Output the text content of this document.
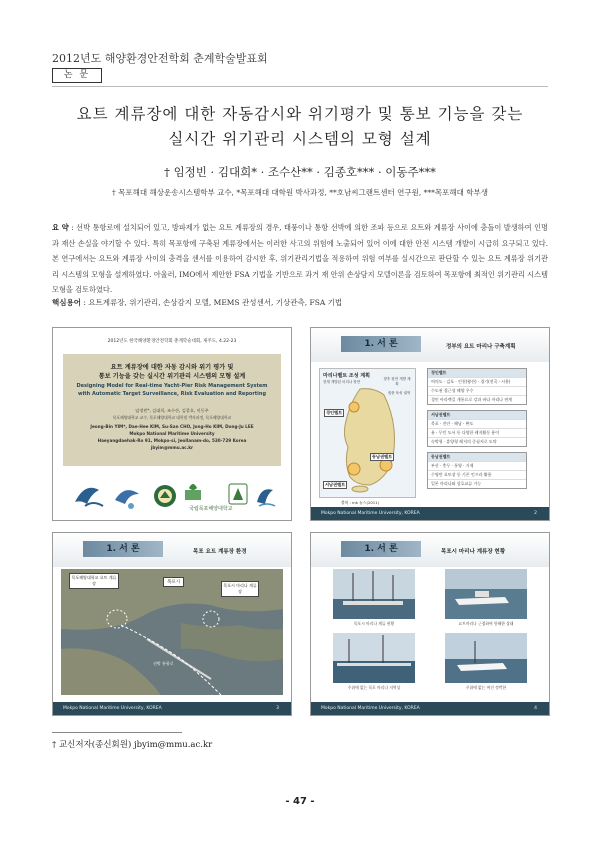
2012년도 해양환경안전학회 춘계학술발표회
논 문
요트 계류장에 대한 자동감시와 위기평가 및 통보 기능을 갖는
실시간 위기관리 시스템의 모형 설계
† 임정빈 · 김대희* · 조수산** · 김종호*** · 이동주***
† 목포해대 해상운송시스템학부 교수, *목포해대 대학원 박사과정, **호남씨그랜트센터 연구원, ***목포해대 학부생
요 약 : 선박 통항로에 설치되어 있고, 방파제가 없는 요트 계류장의 경우, 태풍이나 통항 선박에 의한 조파 등으로 요트와 계류장 사이에 충돌이 발생하여 인명과 재산 손실을 야기할 수 있다. 특히 목포항에 구축된 계류장에서는 이러한 사고의 위험에 노출되어 있어 이에 대한 안전 시스템 개발이 시급히 요구되고 있다. 본 연구에서는 요트와 계류장 사이의 충격을 센서를 이용하여 감시한 후, 위기관리기법을 적용하여 위험 여부를 실시간으로 판단할 수 있는 요트 계류장 위기관리 시스템의 모형을 설계하였다. 아울러, IMO에서 제안한 FSA 기법을 기반으로 과거 재 안위 손상담지 모델이론을 검토하여 목포항에 최적인 위기관리 시스템 모형을 검토하였다.
핵심용어 : 요트계류장, 위기관리, 손상감지 모델, MEMS 관성센서, 기상관측, FSA 기법
2012년도 한국해양환경안전학회 춘계학술대회, 제주도, 4.22-23
요트 계류장에 대한 자동 감시와 위기 평가 및
통보 기능을 갖는 실시간 위기관리 시스템의 모형 설계
Designing Model for Real-time Yacht-Pier Risk Management System
with Automatic Target Surveillance, Risk Evaluation and Reporting
임정빈*, 김대희, 조수산, 김종호, 이동주
목포해양대학교 교수, 목포해양대학교 대학원 박사과정, 목포해양대학교
Jeong-Bin YIM*, Dae-Hee KIM, Su-San CHO, Jong-Ho KIM, Dong-Ju LEE
Mokpo National Maritime University
Haeyangdaehak-Ro 91, Mokpo-si, Jeollanam-do, 530-729 Korea
jbyim@mmu.ac.kr
국립목포해양대학교
1. 서 론	정부의 요트 마리나 구축계획
마리나벨트 조성 계획
현재 개발된 마리나 항만
향후 항만 개발 계획
집중 육성 권역
경인벨트
서남권벨트
동남권벨트
출처 : mk 뉴스(2011)
경인벨트
여의도 · 김포 · 인천(왕산) · 경기(전곡 · 시흥)
수도권 접근성 해양 우수
경인 아라뱃길 개통으로 강과 바다 마리나 연계
서남권벨트
목포 · 진안 · 해남 · 완도
유 · 무인 도서 등 다양한 레저활동 용이
숙박형 · 휴양형 레저의 중심지로 도약
동남권벨트
부산 · 충무 · 통영 · 거제
수영만 요트장 등 기존 인프라 활용
일본 마리나와 상호교류 가능
Mokpo National Maritime University, KOREA	2
1. 서 론	목포 요트 계류장 환경
목포해양대학교 요트 계류장	목포시
목포시 마리나 계류장
선박 통항로
Mokpo National Maritime University, KOREA	3
1. 서 론	목포시 마리나 계류장 현황
목포시 마리나 계류 현황	요트마리나 근접하여 항해한 상태
주위에 없는 목포 마리나 지역상	주위에 없는 여건 정박한
Mokpo National Maritime University, KOREA	4
† 교신저자(종신회원) jbyim@mmu.ac.kr
- 47 -
